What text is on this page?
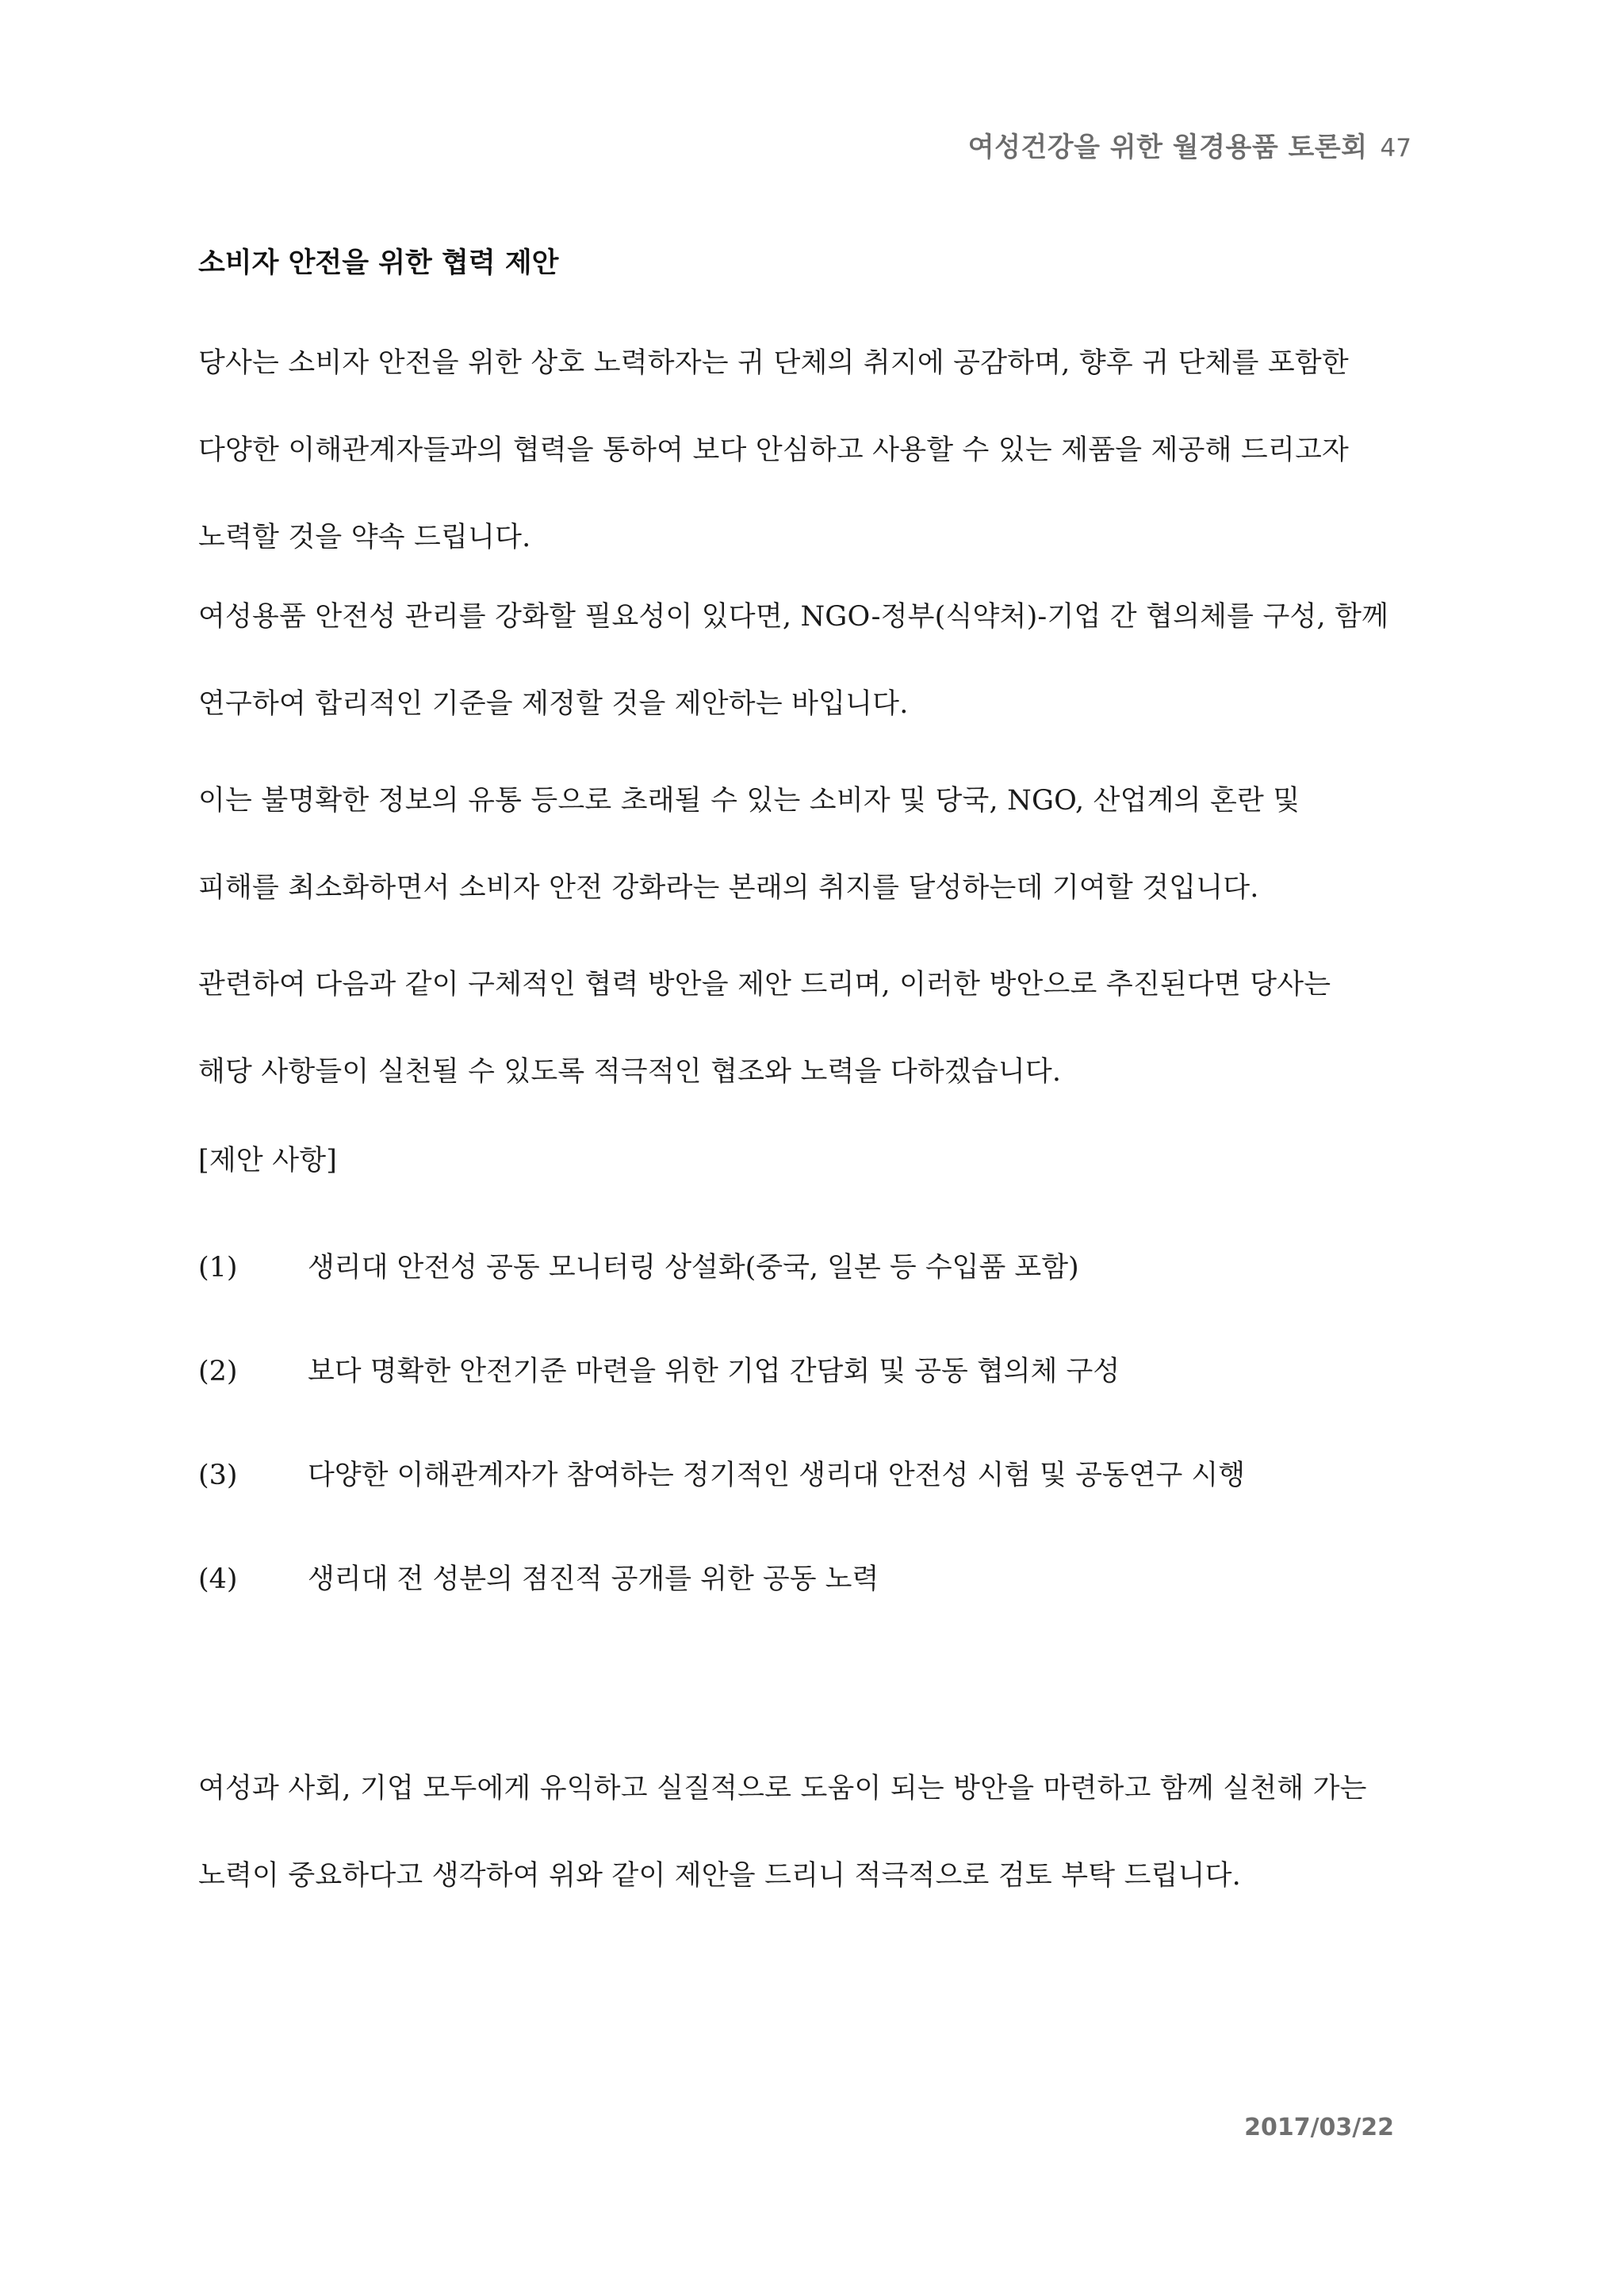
여성건강을 위한 월경용품 토론회 47
소비자 안전을 위한 협력 제안
당사는 소비자 안전을 위한 상호 노력하자는 귀 단체의 취지에 공감하며, 향후 귀 단체를 포함한
다양한 이해관계자들과의 협력을 통하여 보다 안심하고 사용할 수 있는 제품을 제공해 드리고자
노력할 것을 약속 드립니다.
여성용품 안전성 관리를 강화할 필요성이 있다면, NGO-정부(식약처)-기업 간 협의체를 구성, 함께
연구하여 합리적인 기준을 제정할 것을 제안하는 바입니다.
이는 불명확한 정보의 유통 등으로 초래될 수 있는 소비자 및 당국, NGO, 산업계의 혼란 및
피해를 최소화하면서 소비자 안전 강화라는 본래의 취지를 달성하는데 기여할 것입니다.
관련하여 다음과 같이 구체적인 협력 방안을 제안 드리며, 이러한 방안으로 추진된다면 당사는
해당 사항들이 실천될 수 있도록 적극적인 협조와 노력을 다하겠습니다.
[제안 사항]
(1)	생리대 안전성 공동 모니터링 상설화(중국, 일본 등 수입품 포함)
(2)	보다 명확한 안전기준 마련을 위한 기업 간담회 및 공동 협의체 구성
(3)	다양한 이해관계자가 참여하는 정기적인 생리대 안전성 시험 및 공동연구 시행
(4)	생리대 전 성분의 점진적 공개를 위한 공동 노력
여성과 사회, 기업 모두에게 유익하고 실질적으로 도움이 되는 방안을 마련하고 함께 실천해 가는
노력이 중요하다고 생각하여 위와 같이 제안을 드리니 적극적으로 검토 부탁 드립니다.
2017/03/22
